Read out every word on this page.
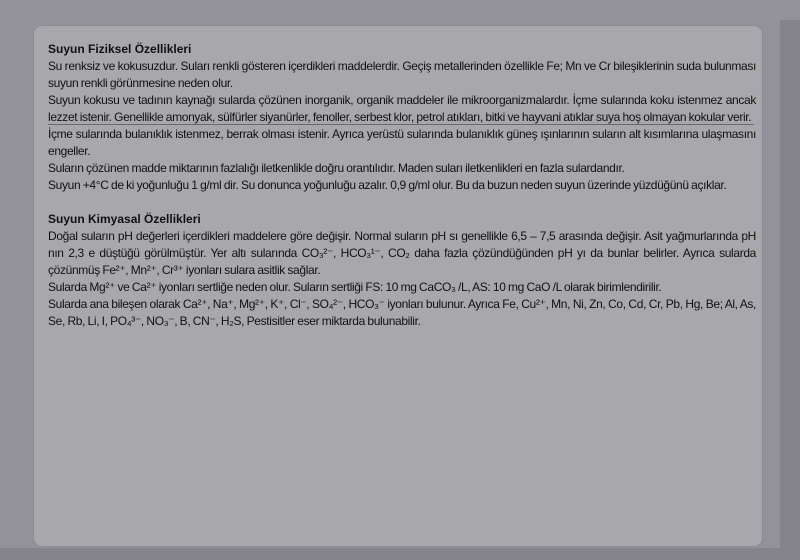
Suyun Fiziksel Özellikleri

Su renksiz ve kokusuzdur. Suları renkli gösteren içerdikleri maddelerdir. Geçiş metallerinden özellikle Fe; Mn ve Cr bileşiklerinin suda bulunması suyun renkli görünmesine neden olur.

Suyun kokusu ve tadının kaynağı sularda çözünen inorganik, organik maddeler ile mikroorganizmalardır. İçme sularında koku istenmez ancak lezzet istenir. Genellikle amonyak, sülfürler siyanürler, fenoller, serbest klor, petrol atıkları, bitki ve hayvani atıklar suya hoş olmayan kokular verir.

İçme sularında bulanıklık istenmez, berrak olması istenir. Ayrıca yerüstü sularında bulanıklık güneş ışınlarının suların alt kısımlarına ulaşmasını engeller.

Suların çözünen madde miktarının fazlalığı iletkenlikle doğru orantılıdır. Maden suları iletkenlikleri en fazla sulardandır.

Suyun +4°C de ki yoğunluğu 1 g/ml dir. Su donunca yoğunluğu azalır. 0,9 g/ml olur. Bu da buzun neden suyun üzerinde yüzdüğünü açıklar.

Suyun Kimyasal Özellikleri

Doğal suların pH değerleri içerdikleri maddelere göre değişir. Normal suların pH sı genellikle 6,5 – 7,5 arasında değişir. Asit yağmurlarında pH nın 2,3 e düştüğü görülmüştür. Yer altı sularında CO₃²⁻, HCO₃¹⁻, CO₂ daha fazla çözündüğünden pH yı da bunlar belirler. Ayrıca sularda çözünmüş Fe²⁺, Mn²⁺, Cr³⁺ iyonları sulara asitlik sağlar.

Sularda Mg²⁺ ve Ca²⁺ iyonları sertliğe neden olur. Suların sertliği FS: 10 mg CaCO₃ /L, AS: 10 mg CaO /L olarak birimlendirilir.

Sularda ana bileşen olarak Ca²⁺, Na⁺, Mg²⁺, K⁺, Cl⁻, SO₄²⁻, HCO₃⁻ iyonları bulunur. Ayrıca Fe, Cu²⁺, Mn, Ni, Zn, Co, Cd, Cr, Pb, Hg, Be; Al, As, Se, Rb, Li, I, PO₄³⁻, NO₃⁻, B, CN⁻, H₂S, Pestisitler eser miktarda bulunabilir.
